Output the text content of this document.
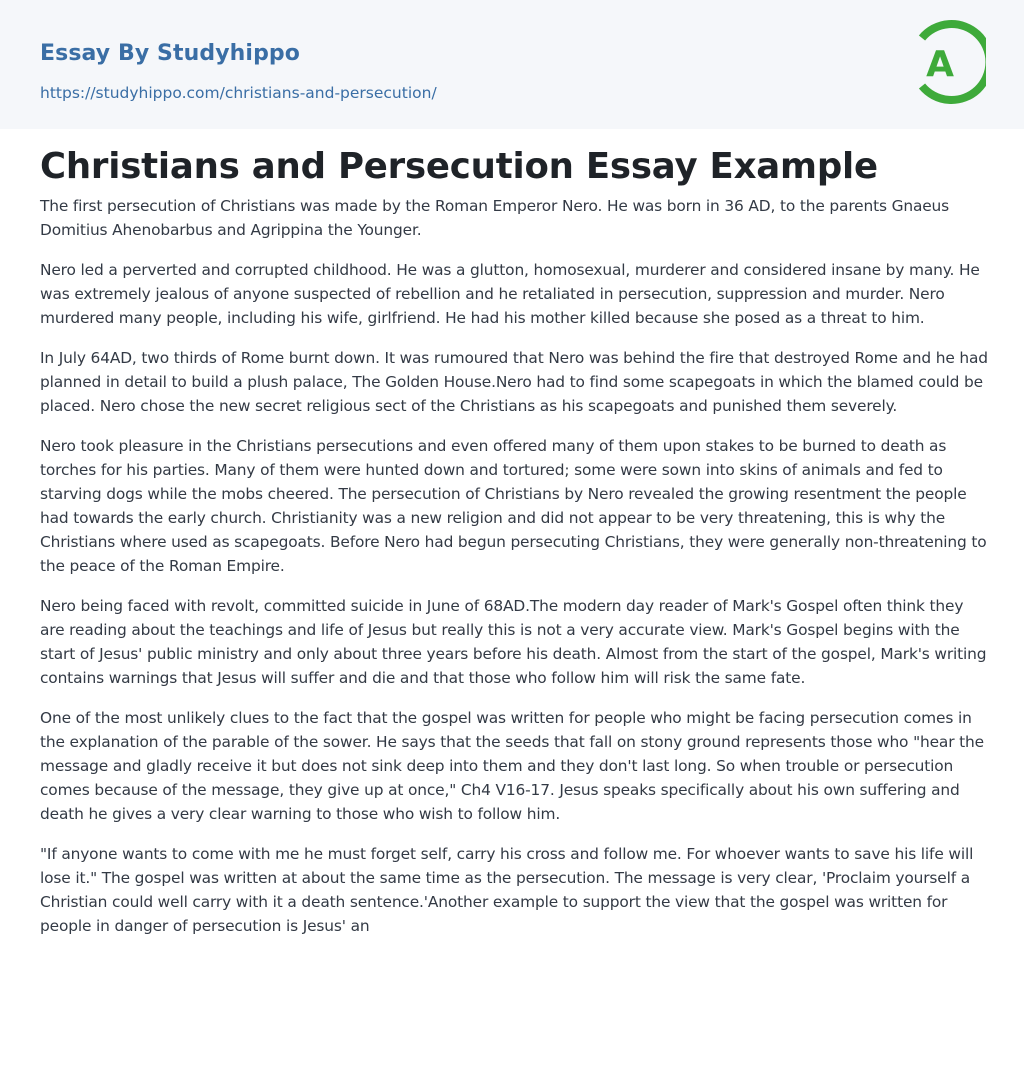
Essay By Studyhippo
https://studyhippo.com/christians-and-persecution/
A
Christians and Persecution Essay Example

The first persecution of Christians was made by the Roman Emperor Nero. He was born in 36 AD, to the parents Gnaeus Domitius Ahenobarbus and Agrippina the Younger.

Nero led a perverted and corrupted childhood. He was a glutton, homosexual, murderer and considered insane by many. He was extremely jealous of anyone suspected of rebellion and he retaliated in persecution, suppression and murder. Nero murdered many people, including his wife, girlfriend. He had his mother killed because she posed as a threat to him.

In July 64AD, two thirds of Rome burnt down. It was rumoured that Nero was behind the fire that destroyed Rome and he had planned in detail to build a plush palace, The Golden House.Nero had to find some scapegoats in which the blamed could be placed. Nero chose the new secret religious sect of the Christians as his scapegoats and punished them severely.

Nero took pleasure in the Christians persecutions and even offered many of them upon stakes to be burned to death as torches for his parties. Many of them were hunted down and tortured; some were sown into skins of animals and fed to starving dogs while the mobs cheered. The persecution of Christians by Nero revealed the growing resentment the people had towards the early church. Christianity was a new religion and did not appear to be very threatening, this is why the Christians where used as scapegoats. Before Nero had begun persecuting Christians, they were generally non-threatening to the peace of the Roman Empire.

Nero being faced with revolt, committed suicide in June of 68AD.The modern day reader of Mark's Gospel often think they are reading about the teachings and life of Jesus but really this is not a very accurate view. Mark's Gospel begins with the start of Jesus' public ministry and only about three years before his death. Almost from the start of the gospel, Mark's writing contains warnings that Jesus will suffer and die and that those who follow him will risk the same fate.

One of the most unlikely clues to the fact that the gospel was written for people who might be facing persecution comes in the explanation of the parable of the sower. He says that the seeds that fall on stony ground represents those who "hear the message and gladly receive it but does not sink deep into them and they don't last long. So when trouble or persecution comes because of the message, they give up at once," Ch4 V16-17. Jesus speaks specifically about his own suffering and death he gives a very clear warning to those who wish to follow him.

"If anyone wants to come with me he must forget self, carry his cross and follow me. For whoever wants to save his life will lose it." The gospel was written at about the same time as the persecution. The message is very clear, 'Proclaim yourself a Christian could well carry with it a death sentence.'Another example to support the view that the gospel was written for people in danger of persecution is Jesus' an
